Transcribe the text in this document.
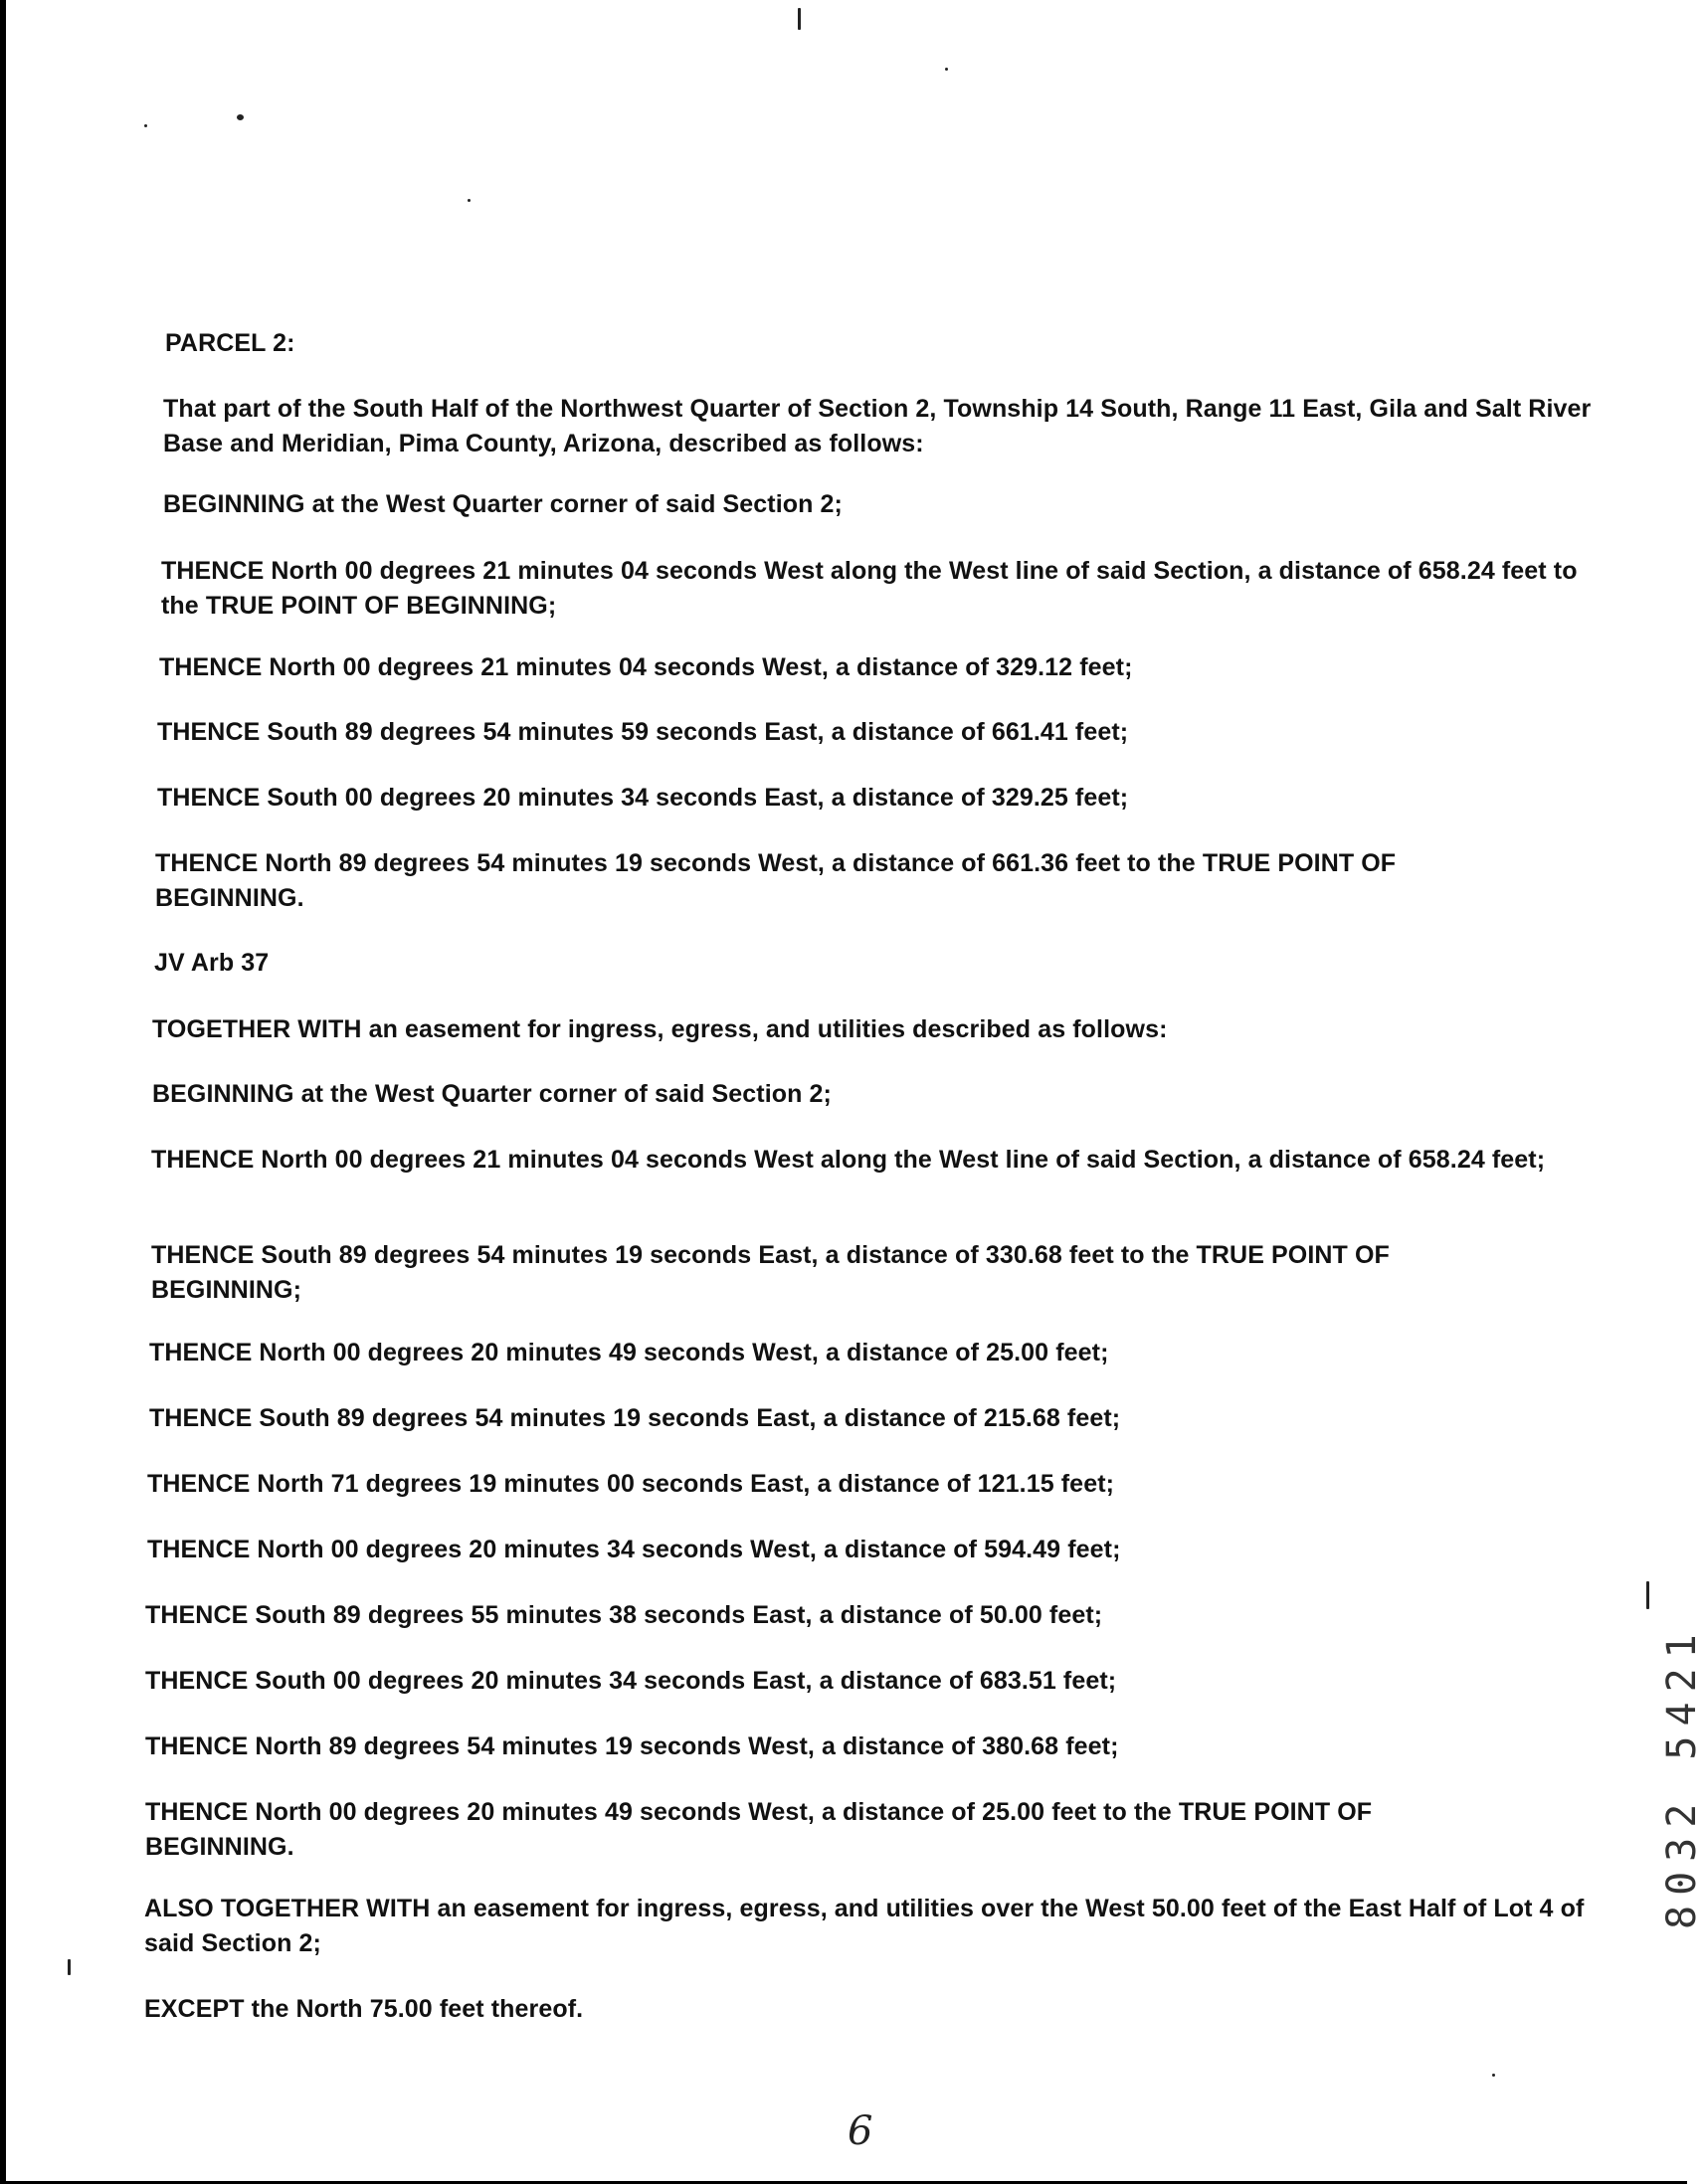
PARCEL 2:

That part of the South Half of the Northwest Quarter of Section 2, Township 14 South, Range 11 East, Gila and Salt River Base and Meridian, Pima County, Arizona, described as follows:

BEGINNING at the West Quarter corner of said Section 2;

THENCE North 00 degrees 21 minutes 04 seconds West along the West line of said Section, a distance of 658.24 feet to the TRUE POINT OF BEGINNING;

THENCE North 00 degrees 21 minutes 04 seconds West, a distance of 329.12 feet;

THENCE South 89 degrees 54 minutes 59 seconds East, a distance of 661.41 feet;

THENCE South 00 degrees 20 minutes 34 seconds East, a distance of 329.25 feet;

THENCE North 89 degrees 54 minutes 19 seconds West, a distance of 661.36 feet to the TRUE POINT OF BEGINNING.

JV Arb 37

TOGETHER WITH an easement for ingress, egress, and utilities described as follows:

BEGINNING at the West Quarter corner of said Section 2;

THENCE North 00 degrees 21 minutes 04 seconds West along the West line of said Section, a distance of 658.24 feet;

THENCE South 89 degrees 54 minutes 19 seconds East, a distance of 330.68 feet to the TRUE POINT OF BEGINNING;

THENCE North 00 degrees 20 minutes 49 seconds West, a distance of 25.00 feet;

THENCE South 89 degrees 54 minutes 19 seconds East, a distance of 215.68 feet;

THENCE North 71 degrees 19 minutes 00 seconds East, a distance of 121.15 feet;

THENCE North 00 degrees 20 minutes 34 seconds West, a distance of 594.49 feet;

THENCE South 89 degrees 55 minutes 38 seconds East, a distance of 50.00 feet;

THENCE South 00 degrees 20 minutes 34 seconds East, a distance of 683.51 feet;

THENCE North 89 degrees 54 minutes 19 seconds West, a distance of 380.68 feet;

THENCE North 00 degrees 20 minutes 49 seconds West, a distance of 25.00 feet to the TRUE POINT OF BEGINNING.

ALSO TOGETHER WITH an easement for ingress, egress, and utilities over the West 50.00 feet of the East Half of Lot 4 of said Section 2;

EXCEPT the North 75.00 feet thereof.

8032 5421
6
